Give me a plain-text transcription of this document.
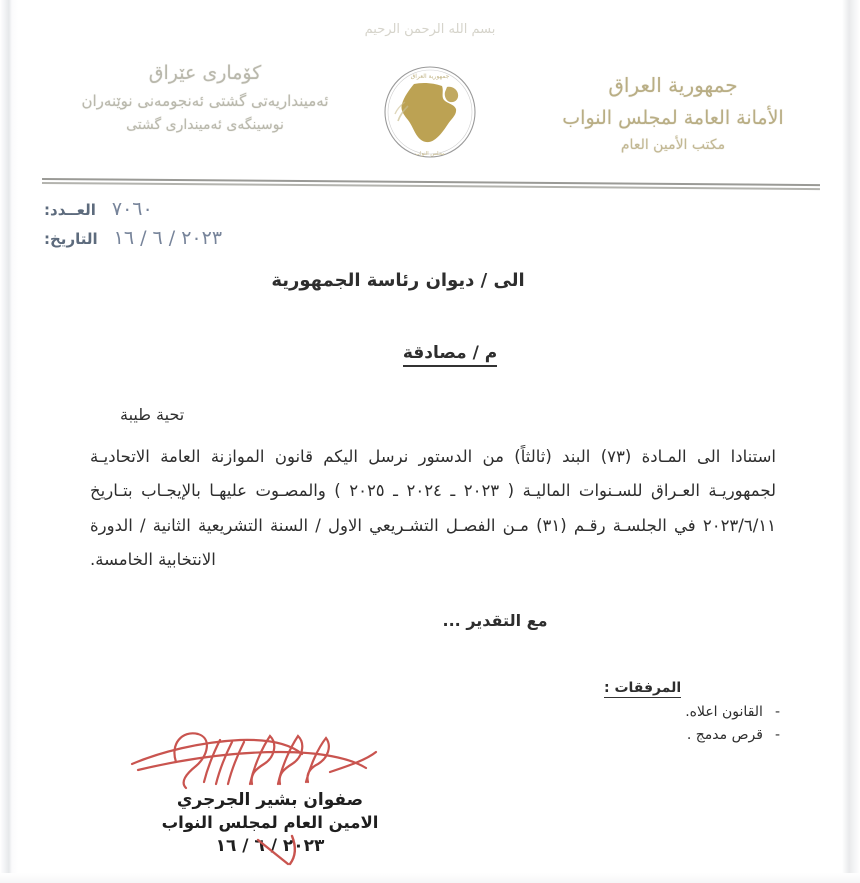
بسم الله الرحمن الرحيم
جمهورية العراق
مجلس النواب
كۆماری عێراق
ئەمینداریەتی گشتی ئەنجومەنی نوێنەران
نوسینگەی ئەمینداری گشتی
جمهورية العراق
الأمانة العامة لمجلس النواب
مكتب الأمين العام
العــدد: ٧٠٦٠
التاريخ: ٢٠٢٣ / ٦ / ١٦
الى / ديوان رئاسة الجمهورية
م / مصادقة
تحية طيبة

استنادا الى المـادة (٧٣) البند (ثالثاً) من الدستور نرسل اليكم قانون الموازنة العامة الاتحاديـة لجمهوريـة العـراق للسـنوات الماليـة ( ٢٠٢٣ ـ ٢٠٢٤ ـ ٢٠٢٥ ) والمصـوت عليهـا بالإيجـاب بتـاريخ ٢٠٢٣/٦/١١ في الجلسـة رقـم (٣١) مـن الفصـل التشـريعي الاول / السنة التشريعية الثانية / الدورة الانتخابية الخامسة.

مع التقدير ...
المرفقات :
-
القانون اعلاه.
-
قرص مدمج .
صفوان بشير الجرجري
الامين العام لمجلس النواب
٢٠٢٣ / ٦ / ١٦
